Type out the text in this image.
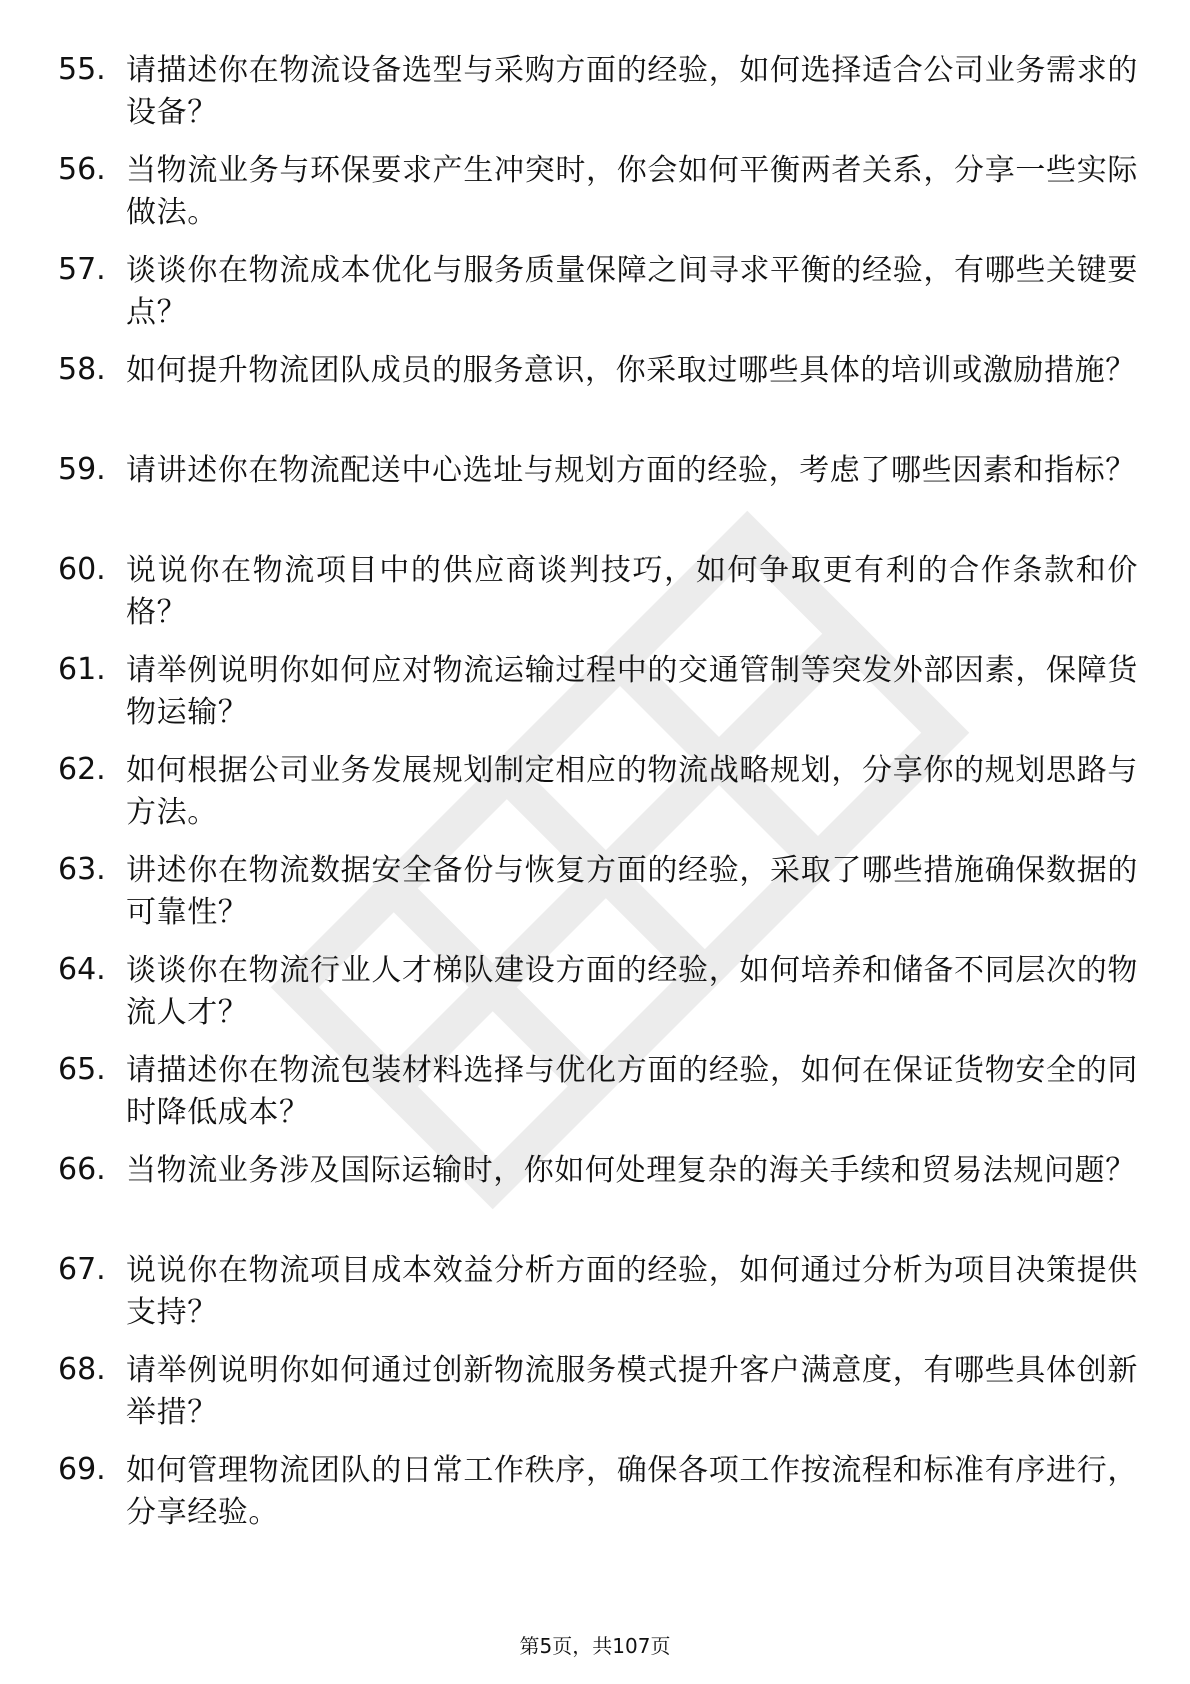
55. 请描述你在物流设备选型与采购方面的经验，如何选择适合公司业务需求的设备？
56. 当物流业务与环保要求产生冲突时，你会如何平衡两者关系，分享一些实际做法。
57. 谈谈你在物流成本优化与服务质量保障之间寻求平衡的经验，有哪些关键要点？
58. 如何提升物流团队成员的服务意识，你采取过哪些具体的培训或激励措施？
59. 请讲述你在物流配送中心选址与规划方面的经验，考虑了哪些因素和指标？
60. 说说你在物流项目中的供应商谈判技巧，如何争取更有利的合作条款和价格？
61. 请举例说明你如何应对物流运输过程中的交通管制等突发外部因素，保障货物运输？
62. 如何根据公司业务发展规划制定相应的物流战略规划，分享你的规划思路与方法。
63. 讲述你在物流数据安全备份与恢复方面的经验，采取了哪些措施确保数据的可靠性？
64. 谈谈你在物流行业人才梯队建设方面的经验，如何培养和储备不同层次的物流人才？
65. 请描述你在物流包装材料选择与优化方面的经验，如何在保证货物安全的同时降低成本？
66. 当物流业务涉及国际运输时，你如何处理复杂的海关手续和贸易法规问题？
67. 说说你在物流项目成本效益分析方面的经验，如何通过分析为项目决策提供支持？
68. 请举例说明你如何通过创新物流服务模式提升客户满意度，有哪些具体创新举措？
69. 如何管理物流团队的日常工作秩序，确保各项工作按流程和标准有序进行，分享经验。
第5页，共107页
